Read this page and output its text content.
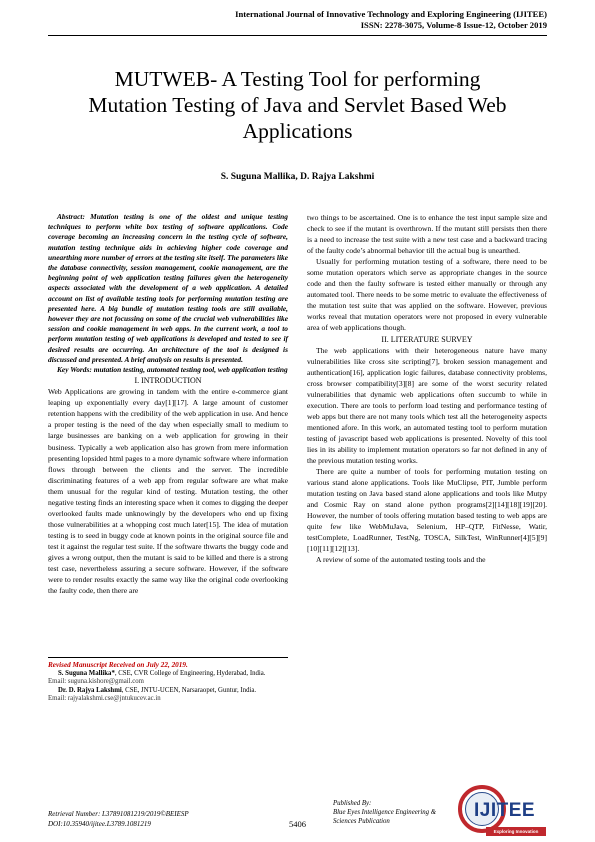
International Journal of Innovative Technology and Exploring Engineering (IJITEE)
ISSN: 2278-3075, Volume-8 Issue-12, October 2019
MUTWEB- A Testing Tool for performing
Mutation Testing of Java and Servlet Based Web
Applications
S. Suguna Mallika, D. Rajya Lakshmi

Abstract: Mutation testing is one of the oldest and unique testing techniques to perform white box testing of software applications. Code coverage becoming an increasing concern in the testing cycle of software, mutation testing technique aids in achieving higher code coverage and unearthing more number of errors at the testing site itself. The parameters like the database connectivity, session management, cookie management, are the beginning point of web application testing failures given the heterogeneity aspects associated with the development of a web application. A detailed account on list of available testing tools for performing mutation testing are presented here. A big bundle of mutation testing tools are still available, however they are not focussing on some of the crucial web vulnerabilities like session and cookie management in web apps. In the current work, a tool to perform mutation testing of web applications is developed and tested to see if desired results are occurring. An architecture of the tool is designed is discussed and presented. A brief analysis on results is presented.

Key Words: mutation testing, automated testing tool, web application testing

I. INTRODUCTION

Web Applications are growing in tandem with the entire e-commerce giant leaping up exponentially every day[1][17]. A large amount of customer retention happens with the credibility of the web application in use. And hence a proper testing is the need of the day when especially small to medium to large businesses are banking on a web application for growing in their business. Typically a web application also has grown from mere information presenting lopsided html pages to a more dynamic software where information flows through between the clients and the server. The incredible discriminating features of a web app from regular software are what make them unusual for the regular kind of testing. Mutation testing, the other negative testing finds an interesting space when it comes to digging the deeper overlooked faults made unknowingly by the developers who end up fixing those vulnerabilities at a whopping cost much later[15]. The idea of mutation testing is to seed in buggy code at known points in the original source file and test it against the regular test suite. If the software thwarts the buggy code and gives a wrong output, then the mutant is said to be killed and there is a strong test case, nevertheless assuring a secure software. However, if the software were to render results exactly the same way like the original code overlooking the faulty code, then there are

two things to be ascertained. One is to enhance the test input sample size and check to see if the mutant is overthrown. If the mutant still persists then there is a need to increase the test suite with a new test case and a backward tracing of the faulty code’s abnormal behavior till the actual bug is unearthed.

Usually for performing mutation testing of a software, there need to be some mutation operators which serve as appropriate changes in the source code and then the faulty software is tested either manually or through any automated tool. There needs to be some metric to evaluate the effectiveness of the mutation test suite that was applied on the software. However, previous works reveal that mutation operators were not proposed in every vulnerable area of web applications though.

II. LITERATURE SURVEY

The web applications with their heterogeneous nature have many vulnerabilities like cross site scripting[7], broken session management and authentication[16], application logic failures, database connectivity problems, cross browser compatibility[3][8] are some of the worst security related vulnerabilities that dynamic web applications often succumb to while in execution. There are tools to perform load testing and performance testing of web apps but there are not many tools which test all the heterogeneity aspects mentioned afore. In this work, an automated testing tool to perform mutation testing of javascript based web applications is presented. Novelty of this tool lies in its ability to implement mutation operators so far not defined in any of the previous mutation testing works.

There are quite a number of tools for performing mutation testing on various stand alone applications. Tools like MuClipse, PIT, Jumble perform mutation testing on Java based stand alone applications and tools like Mutpy and Cosmic Ray on stand alone python programs[2][14][18][19][20]. However, the number of tools offering mutation based testing to web apps are quite few like WebMuJava, Selenium, HP–QTP, FitNesse, Watir, testComplete, LoadRunner, TestNg, TOSCA, SilkTest, WinRunner[4][5][9][10][11][12][13].

A review of some of the automated testing tools and the

Revised Manuscript Received on July 22, 2019.
S. Suguna Mallika*, CSE, CVR College of Engineering, Hyderabad, India.
Email: suguna.kishore@gmail.com
Dr. D. Rajya Lakshmi, CSE, JNTU-UCEN, Narsaraopet, Guntur, India.
Email: rajyalakshmi.cse@jntukucev.ac.in
Retrieval Number: L37891081219/2019©BEIESP
DOI:10.35940/ijitee.L3789.1081219	5406
Published By:
Blue Eyes Intelligence Engineering &
Sciences Publication
IJITEE
Exploring Innovation
